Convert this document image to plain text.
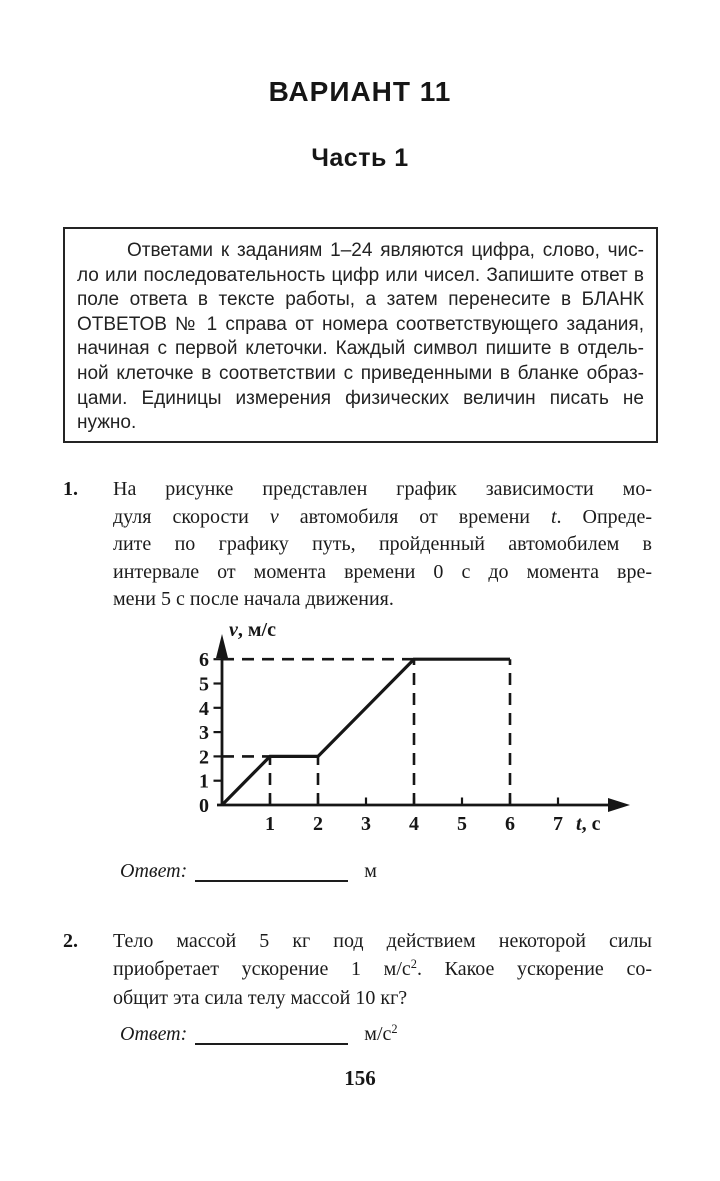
ВАРИАНТ 11
Часть 1
Ответами к заданиям 1–24 являются цифра, слово, чис-
ло или последовательность цифр или чисел. Запишите ответ в
поле ответа в тексте работы, а затем перенесите в БЛАНК
ОТВЕТОВ № 1 справа от номера соответствующего задания,
начиная с первой клеточки. Каждый символ пишите в отдель-
ной клеточке в соответствии с приведенными в бланке образ-
цами. Единицы измерения физических величин писать не
нужно.
1. На рисунке представлен график зависимости мо-
дуля скорости v автомобиля от времени t. Опреде-
лите по графику путь, пройденный автомобилем в
интервале от момента времени 0 с до момента вре-
мени 5 с после начала движения.
1 2 3 4 5 6 7
0
1
2
3
4
5
6
v, м/с
t, с
Ответ:	м
2. Тело массой 5 кг под действием некоторой силы
приобретает ускорение 1 $м/с^2$. Какое ускорение со-
общит эта сила телу массой 10 кг?
Ответ:	$м/с^2$
156
